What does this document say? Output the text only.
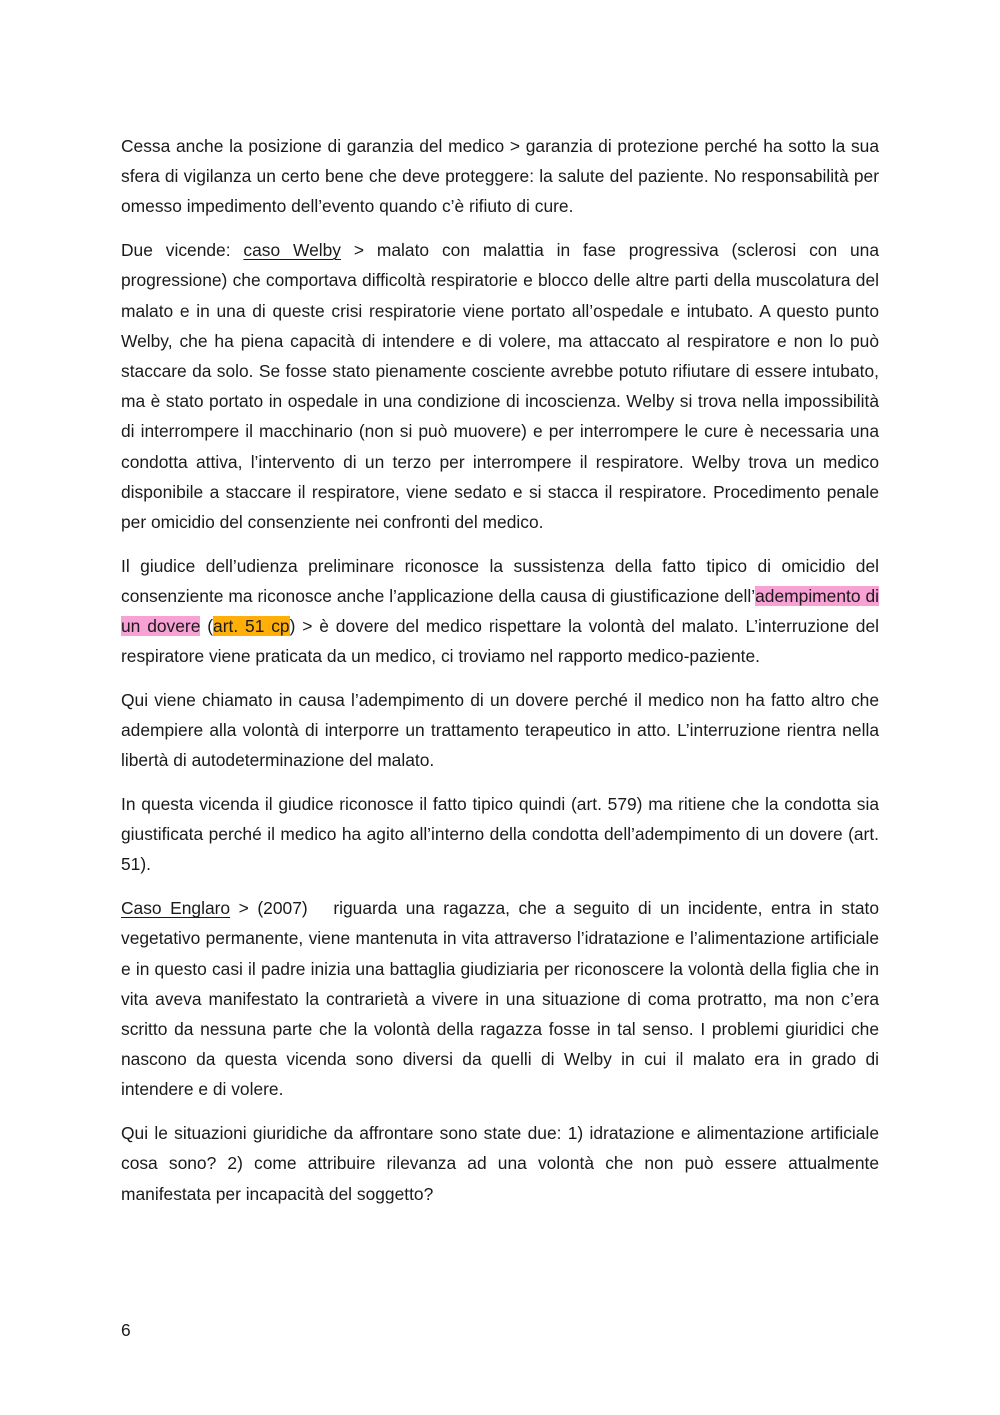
Cessa anche la posizione di garanzia del medico > garanzia di protezione perché ha sotto la sua sfera di vigilanza un certo bene che deve proteggere: la salute del paziente. No responsabilità per omesso impedimento dell’evento quando c’è rifiuto di cure.

Due vicende: caso Welby > malato con malattia in fase progressiva (sclerosi con una progressione) che comportava difficoltà respiratorie e blocco delle altre parti della muscolatura del malato e in una di queste crisi respiratorie viene portato all’ospedale e intubato. A questo punto Welby, che ha piena capacità di intendere e di volere, ma attaccato al respiratore e non lo può staccare da solo. Se fosse stato pienamente cosciente avrebbe potuto rifiutare di essere intubato, ma è stato portato in ospedale in una condizione di incoscienza. Welby si trova nella impossibilità di interrompere il macchinario (non si può muovere) e per interrompere le cure è necessaria una condotta attiva, l’intervento di un terzo per interrompere il respiratore. Welby trova un medico disponibile a staccare il respiratore, viene sedato e si stacca il respiratore. Procedimento penale per omicidio del consenziente nei confronti del medico.

Il giudice dell’udienza preliminare riconosce la sussistenza della fatto tipico di omicidio del consenziente ma riconosce anche l’applicazione della causa di giustificazione dell’adempimento di un dovere (art. 51 cp) > è dovere del medico rispettare la volontà del malato. L’interruzione del respiratore viene praticata da un medico, ci troviamo nel rapporto medico-paziente.

Qui viene chiamato in causa l’adempimento di un dovere perché il medico non ha fatto altro che adempiere alla volontà di interporre un trattamento terapeutico in atto. L’interruzione rientra nella libertà di autodeterminazione del malato.

In questa vicenda il giudice riconosce il fatto tipico quindi (art. 579) ma ritiene che la condotta sia giustificata perché il medico ha agito all’interno della condotta dell’adempimento di un dovere (art. 51).

Caso Englaro > (2007)   riguarda una ragazza, che a seguito di un incidente, entra in stato vegetativo permanente, viene mantenuta in vita attraverso l’idratazione e l’alimentazione artificiale e in questo casi il padre inizia una battaglia giudiziaria per riconoscere la volontà della figlia che in vita aveva manifestato la contrarietà a vivere in una situazione di coma protratto, ma non c’era scritto da nessuna parte che la volontà della ragazza fosse in tal senso. I problemi giuridici che nascono da questa vicenda sono diversi da quelli di Welby in cui il malato era in grado di intendere e di volere.

Qui le situazioni giuridiche da affrontare sono state due: 1) idratazione e alimentazione artificiale cosa sono? 2) come attribuire rilevanza ad una volontà che non può essere attualmente manifestata per incapacità del soggetto?

6
